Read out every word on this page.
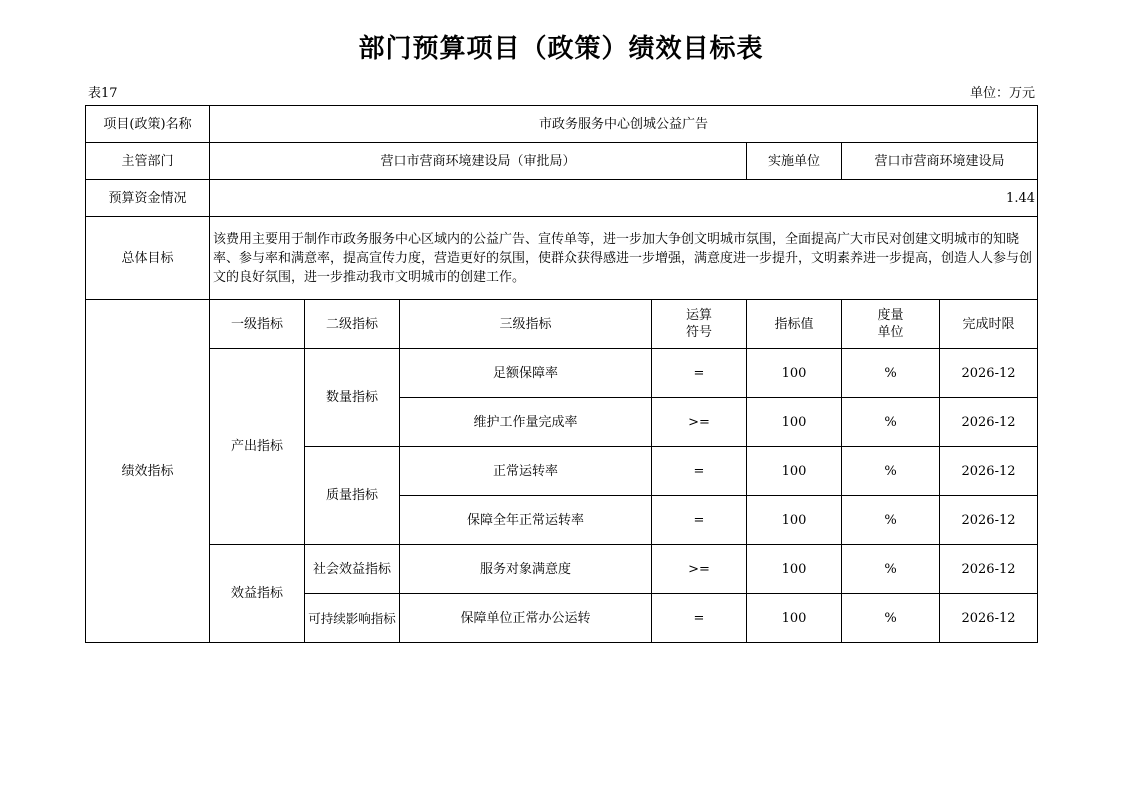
部门预算项目（政策）绩效目标表
表17	单位：万元
项目(政策)名称	市政务服务中心创城公益广告						
主管部门	营口市营商环境建设局（审批局）				实施单位	营口市营商环境建设局	
预算资金情况	1.44						
总体目标	该费用主要用于制作市政务服务中心区域内的公益广告、宣传单等，进一步加大争创文明城市氛围，全面提高广大市民对创建文明城市的知晓率、参与率和满意率，提高宣传力度，营造更好的氛围，使群众获得感进一步增强，满意度进一步提升，文明素养进一步提高，创造人人参与创文的良好氛围，进一步推动我市文明城市的创建工作。						
绩效指标	一级指标	二级指标	三级指标	运算符号	指标值	度量单位	完成时限
	产出指标	数量指标	足额保障率	=	100	%	2026-12
			维护工作量完成率	>=	100	%	2026-12
		质量指标	正常运转率	=	100	%	2026-12
			保障全年正常运转率	=	100	%	2026-12
	效益指标	社会效益指标	服务对象满意度	>=	100	%	2026-12
		可持续影响指标	保障单位正常办公运转	=	100	%	2026-12
